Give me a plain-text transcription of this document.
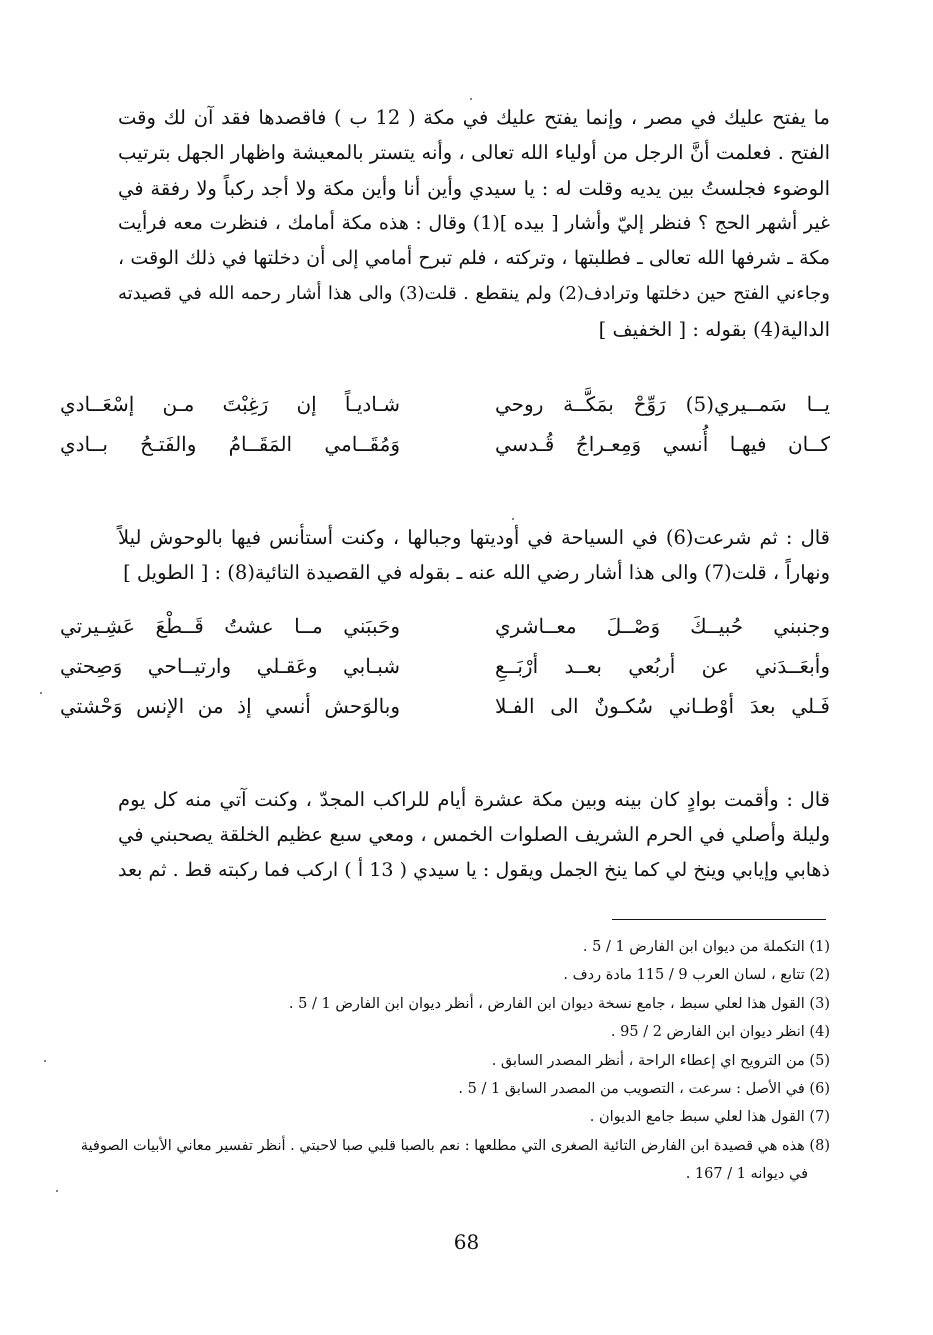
ما يفتح عليك في مصر ، وإنما يفتح عليك في مكة ( 12 ب ) فاقصدها فقد آن لك وقت
الفتح . فعلمت أنَّ الرجل من أولياء الله تعالى ، وأنه يتستر بالمعيشة واظهار الجهل بترتيب
الوضوء فجلستُ بين يديه وقلت له : يا سيدي وأين أنا وأين مكة ولا أجد ركباً ولا رفقة في
غير أشهر الحج ؟ فنظر إليّ وأشار [ بيده ](1) وقال : هذه مكة أمامك ، فنظرت معه فرأيت
مكة ـ شرفها الله تعالى ـ فطلبتها ، وتركته ، فلم تبرح أمامي إلى أن دخلتها في ذلك الوقت ،
وجاءني الفتح حين دخلتها وترادف(2) ولم ينقطع . قلت(3) والى هذا أشار رحمه الله في قصيدته
الدالية(4) بقوله : [ الخفيف ]
يــا سَمــيري(5) رَوِّحْ بمَكَّــة روحي
شـاديـاً إن رَغِبْتَ مـن إسْعَــادي
كــان فيهـا أُنسي وَمِعـراجُ قُـدسي
وَمُقَــامي المَقَــامُ والفَتـحُ بــادي
قال : ثم شرعت(6) في السياحة في أوديتها وجبالها ، وكنت أستأنس فيها بالوحوش ليلاً
ونهاراً ، قلت(7) والى هذا أشار رضي الله عنه ـ بقوله في القصيدة التائية(8) : [ الطويل ]
وجنبني حُبيــكَ وَصْــلَ معــاشري
وحَببَني مــا عشتُ قَــطْعَ عَشِـيرتي
وأبعَــدَني عن أربُعي بعــد أرْبَــعِ
شبـابي وعَقـلي وارتيــاحي وَصِحتي
فَـلي بعدَ أوْطـاني سُكـونٌ الى الفـلا
وبالوَحش أنسي إذ من الإنس وَحْشتي
قال : وأقمت بوادٍ كان بينه وبين مكة عشرة أيام للراكب المجدّ ، وكنت آتي منه كل يوم
وليلة وأصلي في الحرم الشريف الصلوات الخمس ، ومعي سبع عظيم الخلقة يصحبني في
ذهابي وإيابي وينخ لي كما ينخ الجمل ويقول : يا سيدي ( 13 أ ) اركب فما ركبته قط . ثم بعد
(1) التكملة من ديوان ابن الفارض 1 / 5 .
(2) تتابع ، لسان العرب 9 / 115 مادة ردف .
(3) القول هذا لعلي سبط ، جامع نسخة ديوان ابن الفارض ، أنظر ديوان ابن الفارض 1 / 5 .
(4) انظر ديوان ابن الفارض 2 / 95 .
(5) من الترويح اي إعطاء الراحة ، أنظر المصدر السابق .
(6) في الأصل : سرعت ، التصويب من المصدر السابق 1 / 5 .
(7) القول هذا لعلي سبط جامع الديوان .
(8) هذه هي قصيدة ابن الفارض التائية الصغرى التي مطلعها : نعم بالصبا قلبي صبا لاحبتي . أنظر تفسير معاني الأبيات الصوفية
في ديوانه 1 / 167 .
68
